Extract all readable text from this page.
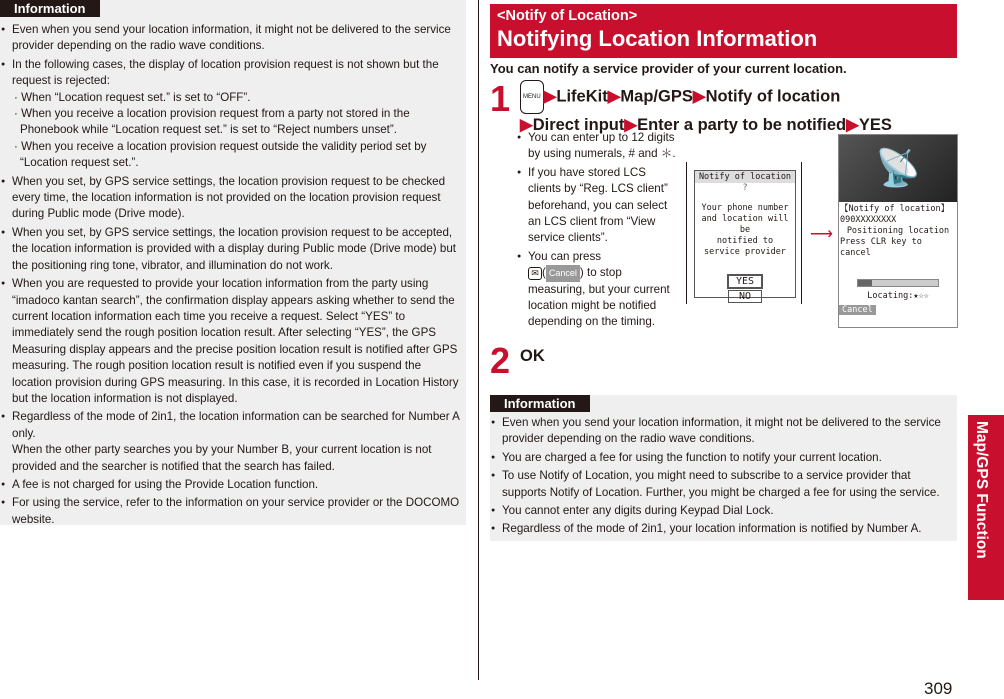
Information
● Even when you send your location information, it might not be delivered to the service provider depending on the radio wave conditions.
● In the following cases, the display of location provision request is not shown but the request is rejected:
· When “Location request set.” is set to “OFF”.
· When you receive a location provision request from a party not stored in the Phonebook while “Location request set.” is set to “Reject numbers unset”.
· When you receive a location provision request outside the validity period set by “Location request set.”.
● When you set, by GPS service settings, the location provision request to be checked every time, the location information is not provided on the location provision request during Public mode (Drive mode).
● When you set, by GPS service settings, the location provision request to be accepted, the location information is provided with a display during Public mode (Drive mode) but the positioning ring tone, vibrator, and illumination do not work.
● When you are requested to provide your location information from the party using “imadoco kantan search”, the confirmation display appears asking whether to send the current location information each time you receive a request. Select “YES” to immediately send the rough position location result. After selecting “YES”, the GPS Measuring display appears and the precise position location result is notified after GPS measuring. The rough position location result is notified even if you suspend the location provision during GPS measuring. In this case, it is recorded in Location History but the location information is not displayed.
● Regardless of the mode of 2in1, the location information can be searched for Number A only.
When the other party searches you by your Number B, your current location is not provided and the searcher is notified that the search has failed.
● A fee is not charged for using the Provide Location function.
● For using the service, refer to the information on your service provider or the DOCOMO website.
<Notify of Location>
Notifying Location Information
You can notify a service provider of your current location.
1	MENU ▶LifeKit▶Map/GPS▶Notify of location
▶Direct input▶Enter a party to be notified▶YES
● You can enter up to 12 digits by using numerals, # and ＊.
● If you have stored LCS clients by “Reg. LCS client” beforehand, you can select an LCS client from “View service clients”.
● You can press
✉ ( Cancel ) to stop measuring, but your current location might be notified depending on the timing.
Notify of location
?
Your phone number
and location will be
notified to
service provider
YES
NO
⟶
📡
【Notify of location】
090XXXXXXXX
Positioning location
Press CLR key to cancel
Locating:★☆☆
Cancel
2 OK
Information
● Even when you send your location information, it might not be delivered to the service provider depending on the radio wave conditions.
● You are charged a fee for using the function to notify your current location.
● To use Notify of Location, you might need to subscribe to a service provider that supports Notify of Location. Further, you might be charged a fee for using the service.
● You cannot enter any digits during Keypad Dial Lock.
● Regardless of the mode of 2in1, your location information is notified by Number A.	Map/GPS Function
309
